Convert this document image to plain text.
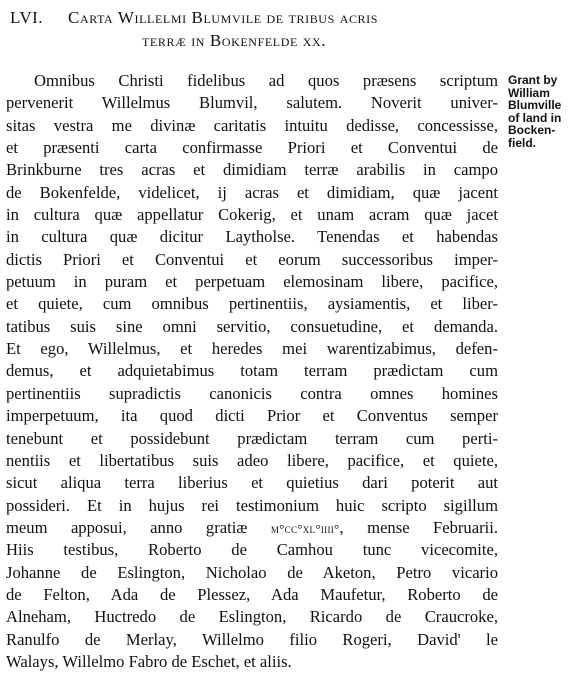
LVI. Carta Willelmi Blumvile de tribus acris
terræ in Bokenfelde xx.
Grant by
William
Blumville
of land in
Bocken-
field.
Omnibus Christi fidelibus ad quos præsens scriptum
pervenerit Willelmus Blumvil, salutem. Noverit univer-
sitas vestra me divinæ caritatis intuitu dedisse, concessisse,
et præsenti carta confirmasse Priori et Conventui de
Brinkburne tres acras et dimidiam terræ arabilis in campo
de Bokenfelde, videlicet, ij acras et dimidiam, quæ jacent
in cultura quæ appellatur Cokerig, et unam acram quæ jacet
in cultura quæ dicitur Laytholse. Tenendas et habendas
dictis Priori et Conventui et eorum successoribus imper-
petuum in puram et perpetuam elemosinam libere, pacifice,
et quiete, cum omnibus pertinentiis, aysiamentis, et liber-
tatibus suis sine omni servitio, consuetudine, et demanda.
Et ego, Willelmus, et heredes mei warentizabimus, defen-
demus, et adquietabimus totam terram prædictam cum
pertinentiis supradictis canonicis contra omnes homines
imperpetuum, ita quod dicti Prior et Conventus semper
tenebunt et possidebunt prædictam terram cum perti-
nentiis et libertatibus suis adeo libere, pacifice, et quiete,
sicut aliqua terra liberius et quietius dari poterit aut
possideri. Et in hujus rei testimonium huic scripto sigillum
meum apposui, anno gratiæ m°cc°xl°iiii°, mense Februarii.
Hiis testibus, Roberto de Camhou tunc vicecomite,
Johanne de Eslington, Nicholao de Aketon, Petro vicario
de Felton, Ada de Plessez, Ada Maufetur, Roberto de
Alneham, Huctredo de Eslington, Ricardo de Craucroke,
Ranulfo de Merlay, Willelmo filio Rogeri, David' le
Walays, Willelmo Fabro de Eschet, et aliis.
